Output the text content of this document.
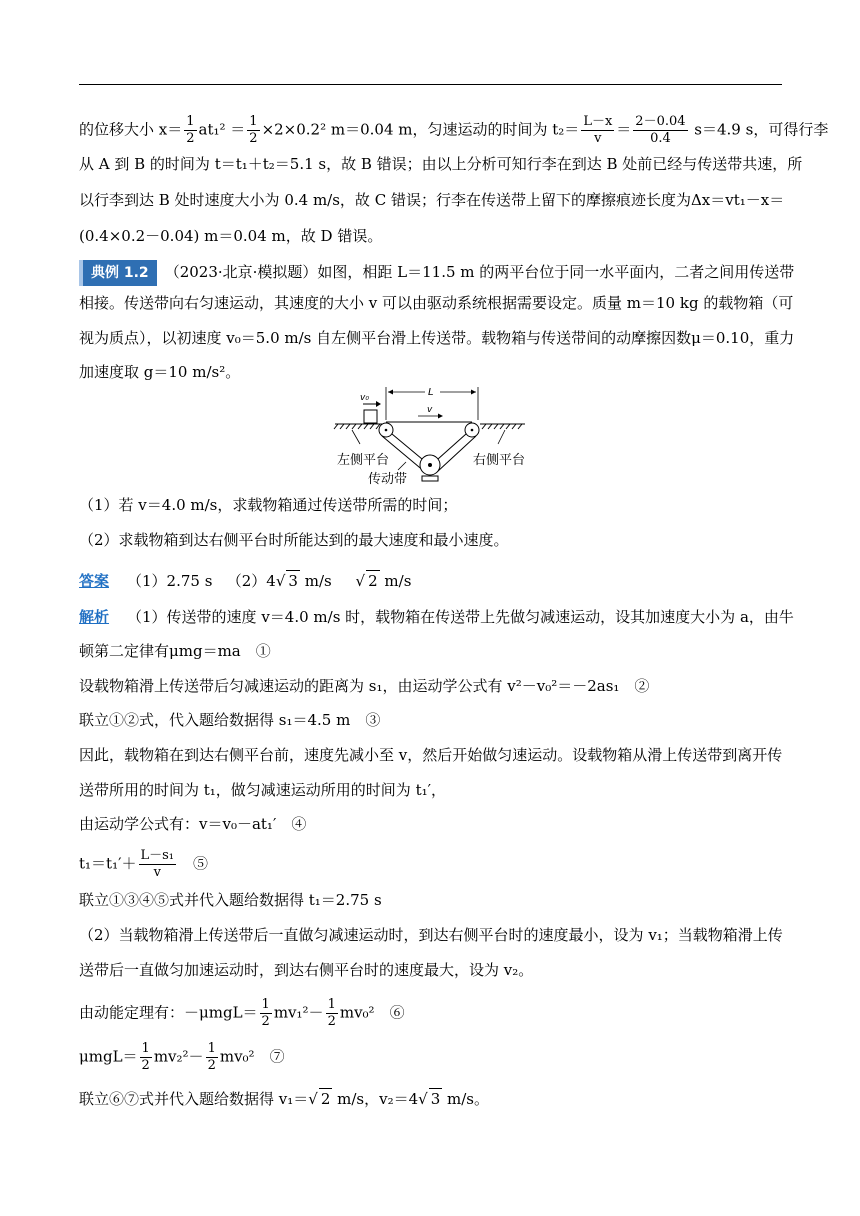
的位移大小 $x= \frac{1}{2} at_1^2 = \frac{1}{2} \times 2\times 0.2^2$ m＝0.04 m，匀速运动的时间为 $t_2= \frac{L-x}{v} = \frac{2-0.04}{0.4} s=4.9$ s，可得行李
从 A 到 B 的时间为 t＝t₁＋t₂＝5.1 s，故 B 错误；由以上分析可知行李在到达 B 处前已经与传送带共速，所
以行李到达 B 处时速度大小为 0.4 m/s，故 C 错误；行李在传送带上留下的摩擦痕迹长度为Δx＝vt₁－x＝
(0.4×0.2－0.04) m＝0.04 m，故 D 错误。
典例 1.2 （2023·北京·模拟题）如图，相距 L＝11.5 m 的两平台位于同一水平面内，二者之间用传送带
相接。传送带向右匀速运动，其速度的大小 v 可以由驱动系统根据需要设定。质量 m＝10 kg 的载物箱（可
视为质点），以初速度 v₀＝5.0 m/s 自左侧平台滑上传送带。载物箱与传送带间的动摩擦因数μ＝0.10，重力
加速度取 g＝10 m/s²。
v₀	L
v
左侧平台	右侧平台
传动带
（1）若 v＝4.0 m/s，求载物箱通过传送带所需的时间；
（2）求载物箱到达右侧平台时所能达到的最大速度和最小速度。
答案 （1）2.75 s （2）4√ 3 m/s     √ 2 m/s
解析 （1）传送带的速度 v＝4.0 m/s 时，载物箱在传送带上先做匀减速运动，设其加速度大小为 a，由牛
顿第二定律有μmg＝ma　①
设载物箱滑上传送带后匀减速运动的距离为 s₁，由运动学公式有 v²－v₀²＝－2as₁　②
联立①②式，代入题给数据得 s₁＝4.5 m　③
因此，载物箱在到达右侧平台前，速度先减小至 v，然后开始做匀速运动。设载物箱从滑上传送带到离开传
送带所用的时间为 t₁，做匀减速运动所用的时间为 t₁′，
由运动学公式有：v＝v₀－at₁′　④
$t_1=t_1'+ \frac{\text{L－s₁}}{v}$ 　⑤
联立①③④⑤式并代入题给数据得 t₁＝2.75 s
（2）当载物箱滑上传送带后一直做匀减速运动时，到达右侧平台时的速度最小，设为 v₁；当载物箱滑上传
送带后一直做匀加速运动时，到达右侧平台时的速度最大，设为 v₂。
由动能定理有：$-\mu mgL= \frac{1}{2} mv_1^2- \frac{1}{2} mv_0^2$　⑥
$\mu mgL= \frac{1}{2} mv_2^2- \frac{1}{2} mv_0^2$　⑦
联立⑥⑦式并代入题给数据得 v₁＝√ 2 m/s，v₂＝4√ 3 m/s。
